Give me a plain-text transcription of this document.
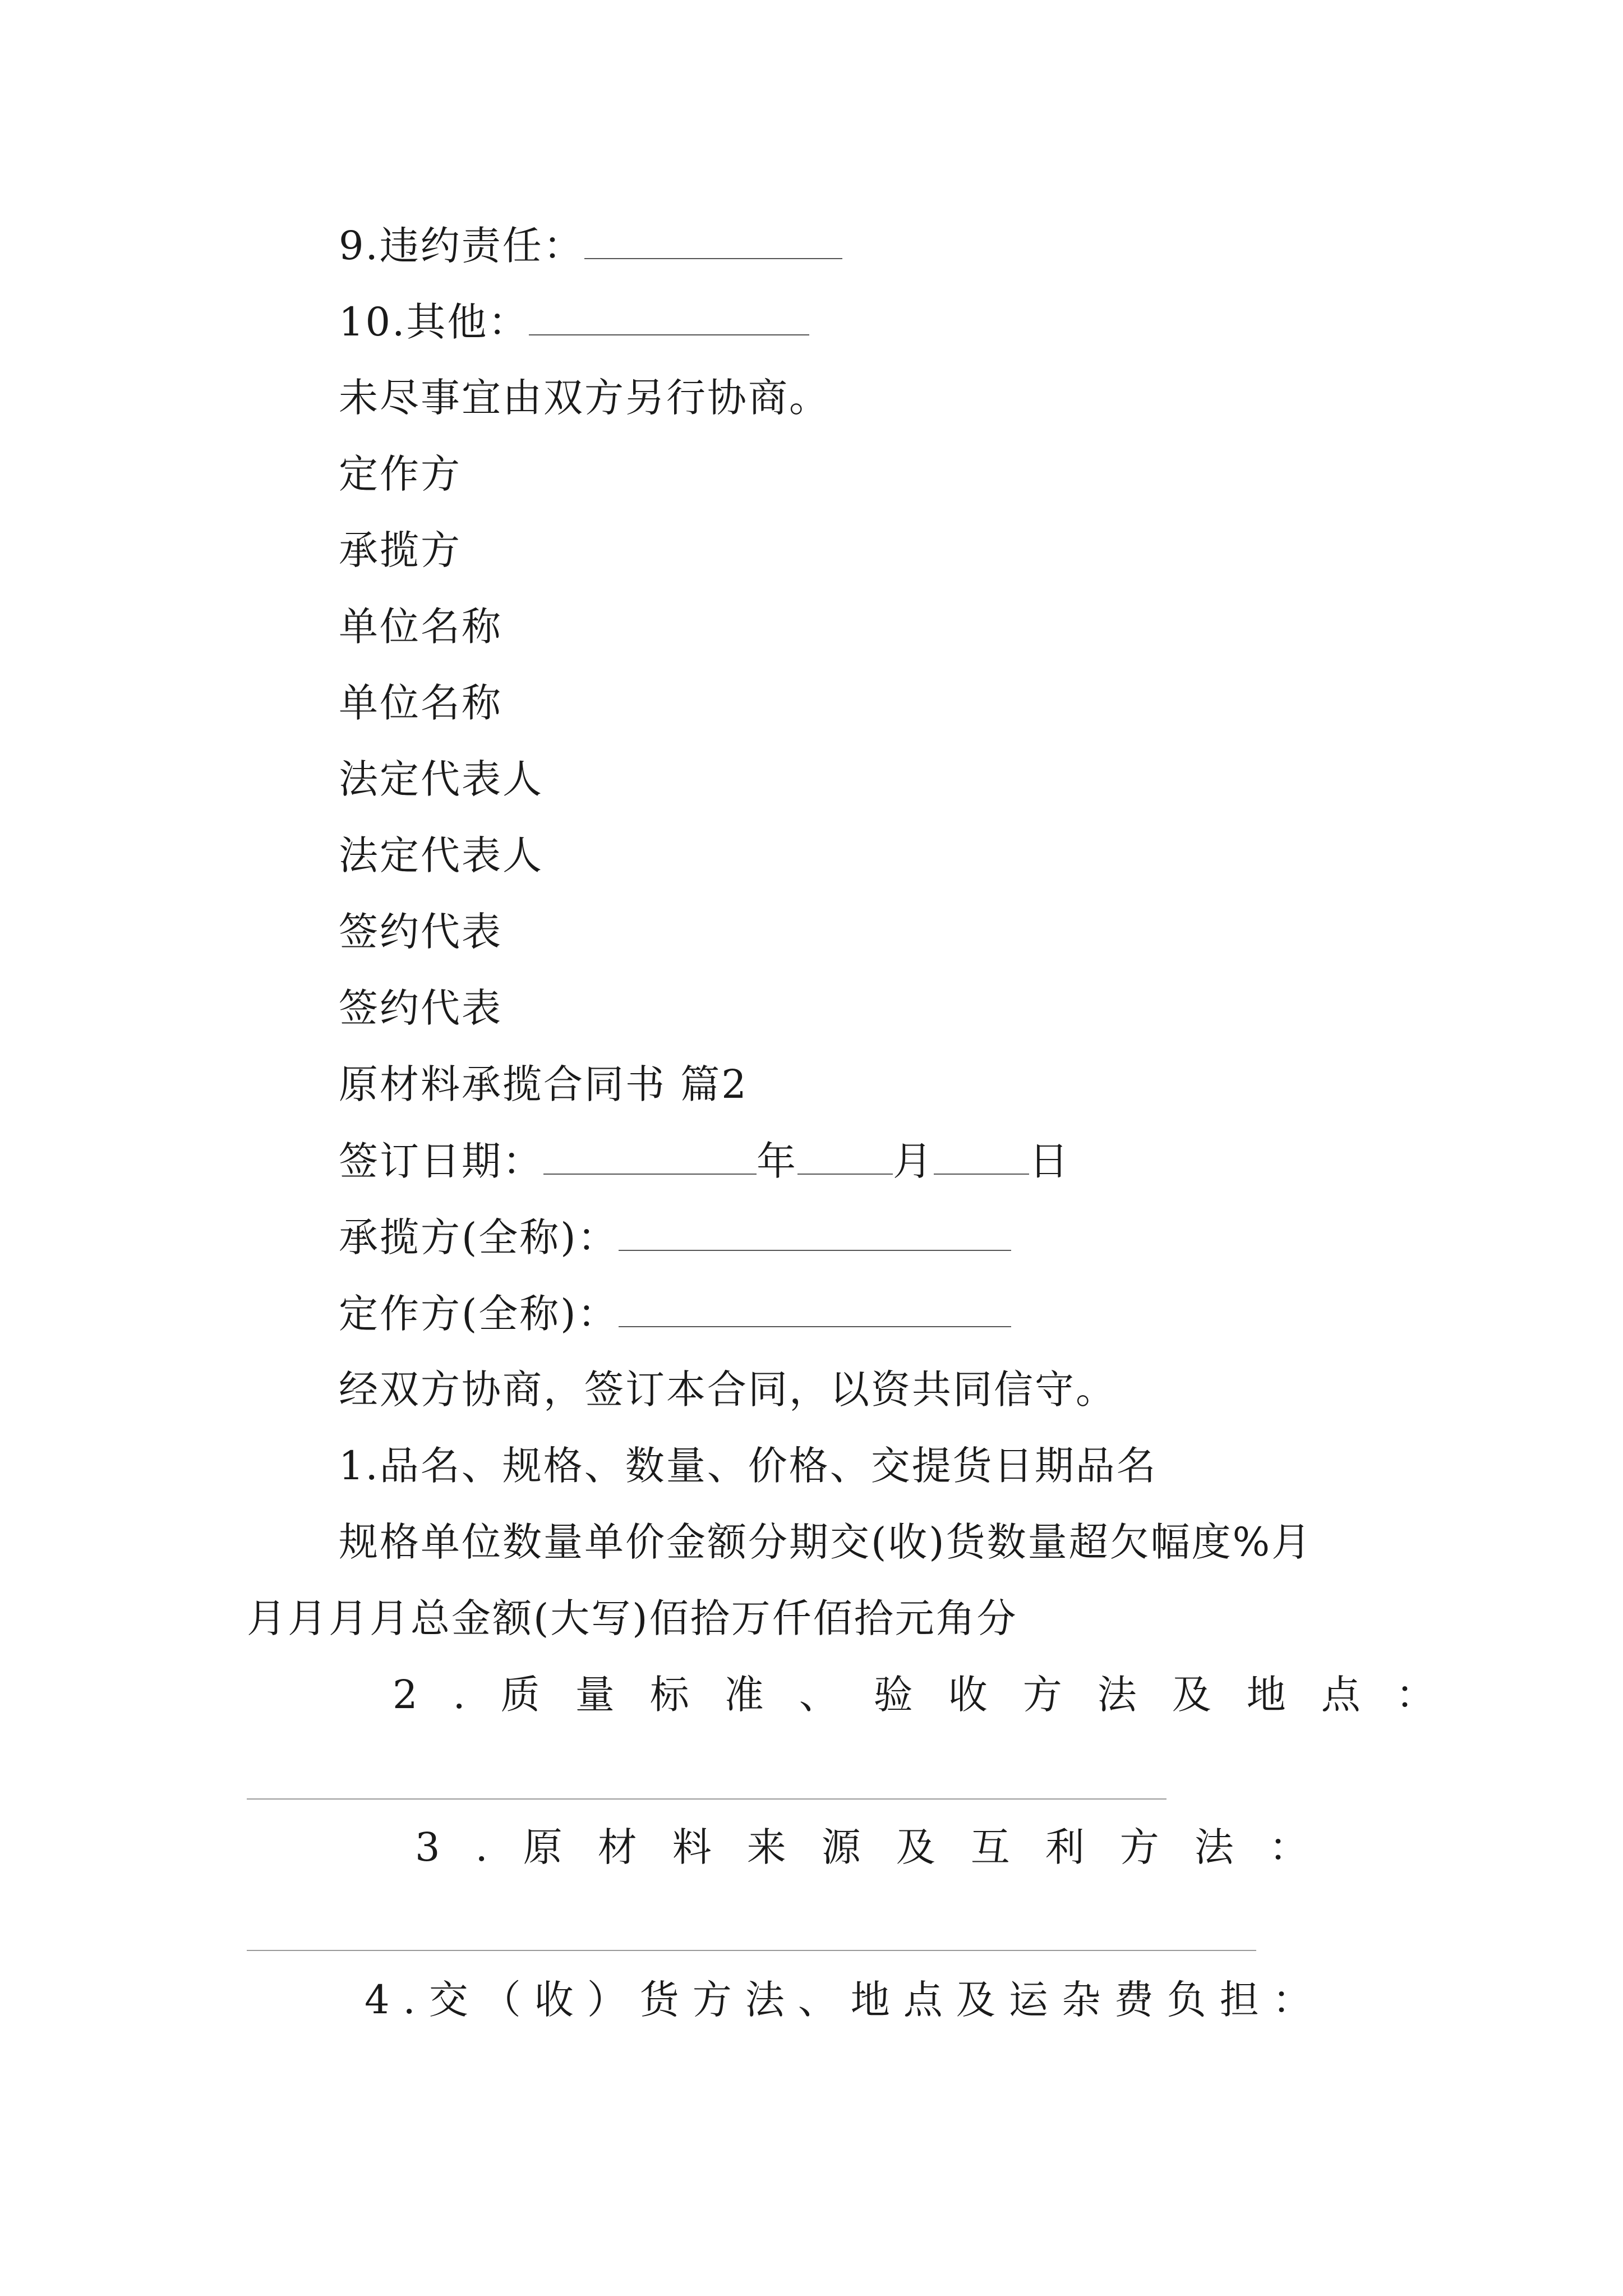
9.违约责任：
10.其他：
未尽事宜由双方另行协商。
定作方
承揽方
单位名称
单位名称
法定代表人
法定代表人
签约代表
签约代表
原材料承揽合同书 篇2
签订日期：	年 月 日
承揽方(全称)：
定作方(全称)：
经双方协商，签订本合同，以资共同信守。
1.品名、规格、数量、价格、交提货日期品名
规格单位数量单价金额分期交(收)货数量超欠幅度%月
月月月月总金额(大写)佰拾万仟佰拾元角分
2.质量标准、验收方法及地点：
3.原材料来源及互利方法：
4.交（收）货方法、地点及运杂费负担：
